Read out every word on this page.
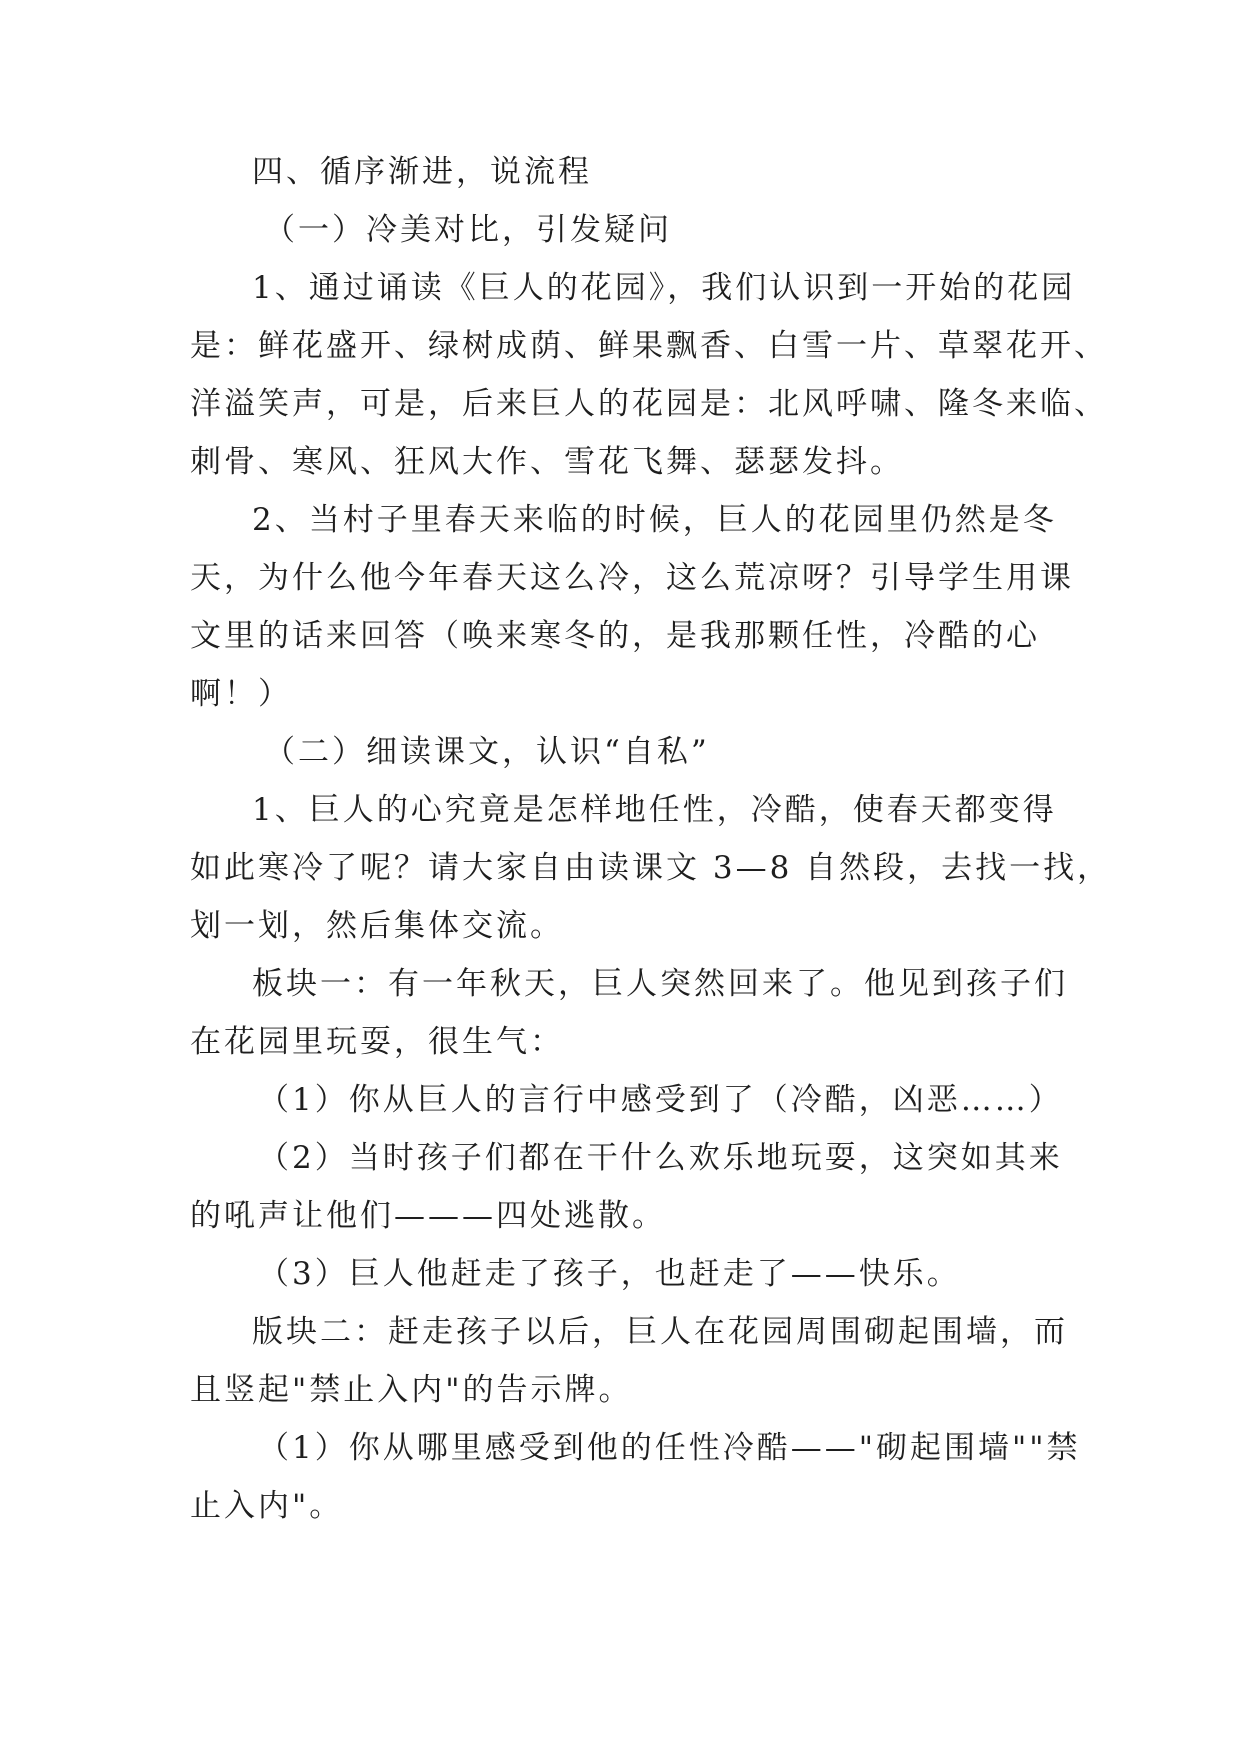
四、循序渐进，说流程

（一）冷美对比，引发疑问

1、通过诵读《巨人的花园》，我们认识到一开始的花园

是：鲜花盛开、绿树成荫、鲜果飘香、白雪一片、草翠花开、

洋溢笑声，可是，后来巨人的花园是：北风呼啸、隆冬来临、

刺骨、寒风、狂风大作、雪花飞舞、瑟瑟发抖。

2、当村子里春天来临的时候，巨人的花园里仍然是冬

天，为什么他今年春天这么冷，这么荒凉呀？引导学生用课

文里的话来回答（唤来寒冬的，是我那颗任性，冷酷的心

啊！）

（二）细读课文，认识“自私”

1、巨人的心究竟是怎样地任性，冷酷，使春天都变得

如此寒冷了呢？请大家自由读课文 3—8 自然段，去找一找，

划一划，然后集体交流。

板块一：有一年秋天，巨人突然回来了。他见到孩子们

在花园里玩耍，很生气：

（1）你从巨人的言行中感受到了（冷酷，凶恶……）

（2）当时孩子们都在干什么欢乐地玩耍，这突如其来

的吼声让他们———四处逃散。

（3）巨人他赶走了孩子，也赶走了——快乐。

版块二：赶走孩子以后，巨人在花园周围砌起围墙，而

且竖起"禁止入内"的告示牌。

（1）你从哪里感受到他的任性冷酷——"砌起围墙""禁

止入内"。
